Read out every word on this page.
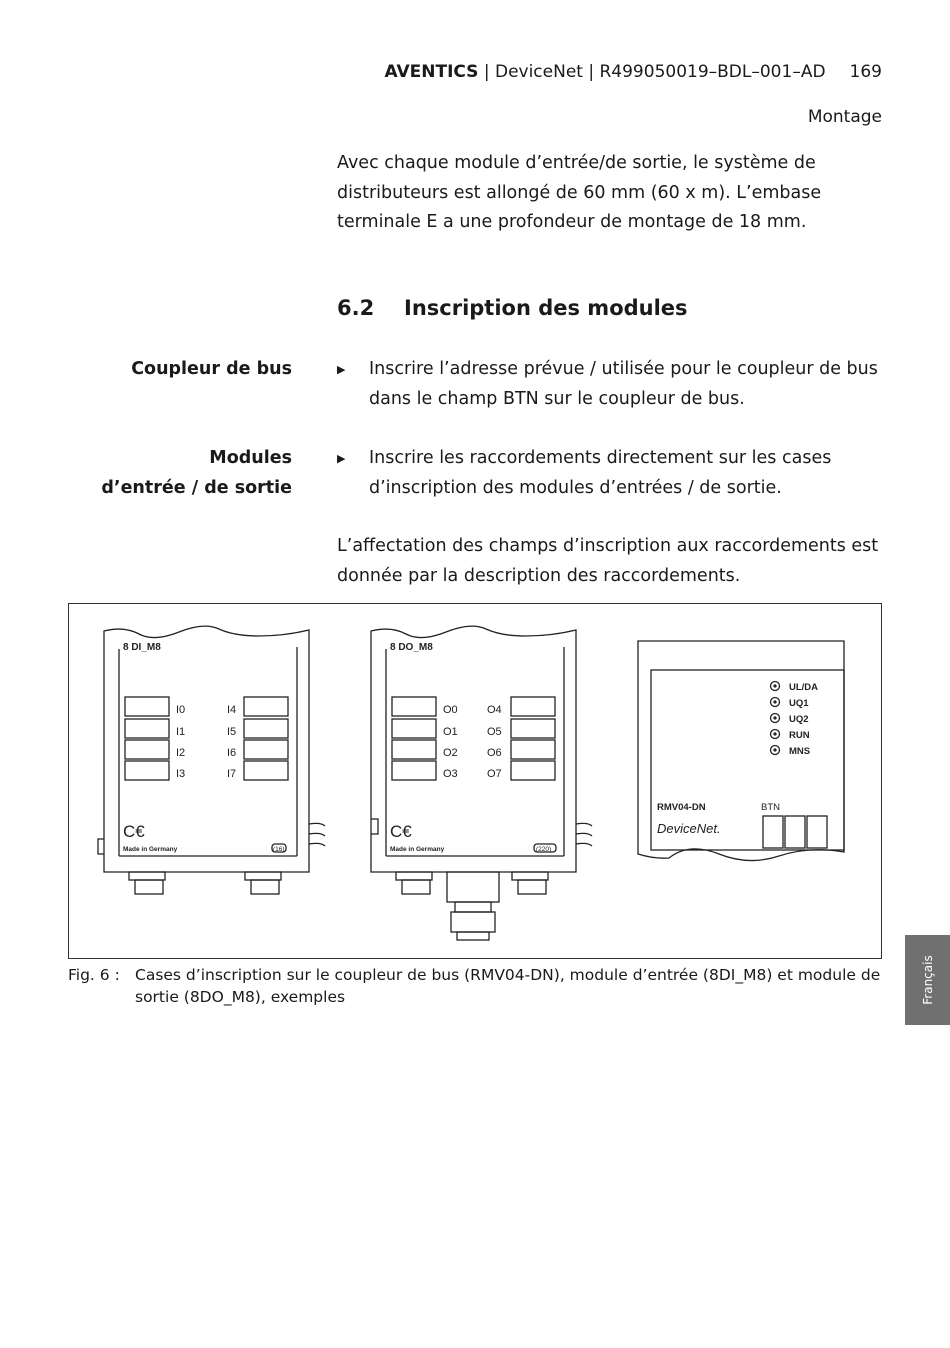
AVENTICS | DeviceNet | R499050019–BDL–001–AD 169
Montage
Avec chaque module d’entrée/de sortie, le système de
distributeurs est allongé de 60 mm (60 x m). L’embase
terminale E a une profondeur de montage de 18 mm.
6.2 Inscription des modules
Coupleur de bus	▶ Inscrire l’adresse prévue / utilisée pour le coupleur de bus
dans le champ BTN sur le coupleur de bus.
Modules
d’entrée / de sortie
▶ Inscrire les raccordements directement sur les cases
d’inscription des modules d’entrées / de sortie.
L’affectation des champs d’inscription aux raccordements est
donnée par la description des raccordements.
8 DI_M8
I0
I1
I2
I3
I4
I5
I6
I7
C€
Made in Germany	(16)
8 DO_M8
O0
O1
O2
O3
O4
O5
O6
O7
C€
Made in Germany	(220)
UL/DA
UQ1
UQ2
RUN
MNS
RMV04-DN	BTN
DeviceNet.
Fig. 6 : Cases d’inscription sur le coupleur de bus (RMV04-DN), module d’entrée (8DI_M8) et module de sortie (8DO_M8), exemples	Français
